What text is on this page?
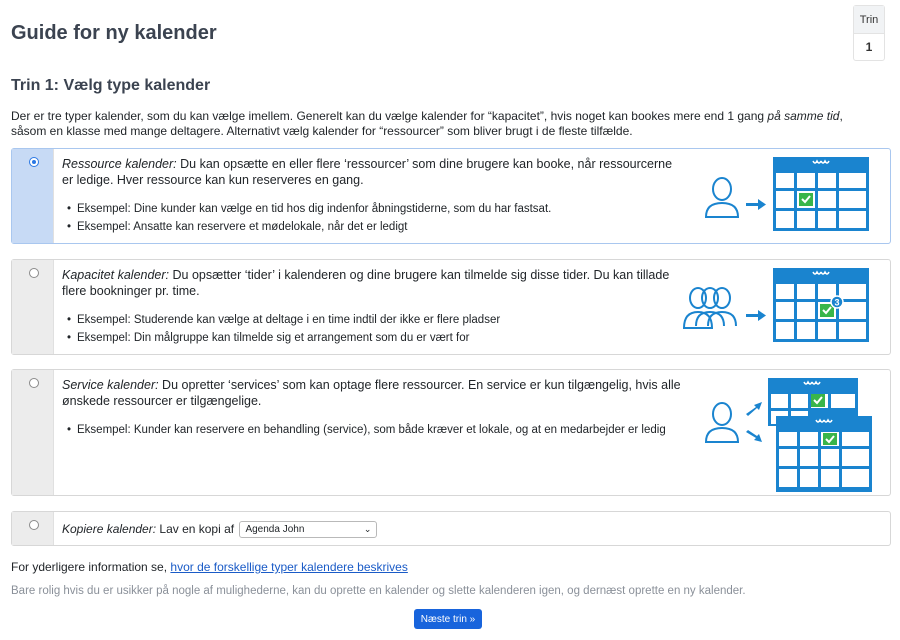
Guide for ny kalender
Trin
1
Trin 1: Vælg type kalender

Der er tre typer kalender, som du kan vælge imellem. Generelt kan du vælge kalender for “kapacitet”, hvis noget kan bookes mere end 1 gang på samme tid, såsom en klasse med mange deltagere. Alternativt vælg kalender for “ressourcer” som bliver brugt i de fleste tilfælde.

Ressource kalender: Du kan opsætte en eller flere ‘ressourcer’ som dine brugere kan booke, når ressourcerne er ledige. Hver ressource kan kun reserveres en gang.
• Eksempel: Dine kunder kan vælge en tid hos dig indenfor åbningstiderne, som du har fastsat.
• Eksempel: Ansatte kan reservere et mødelokale, når det er ledigt
Kapacitet kalender: Du opsætter ‘tider’ i kalenderen og dine brugere kan tilmelde sig disse tider. Du kan tillade flere bookninger pr. time.
• Eksempel: Studerende kan vælge at deltage i en time indtil der ikke er flere pladser
• Eksempel: Din målgruppe kan tilmelde sig et arrangement som du er vært for
3
Service kalender: Du opretter ‘services’ som kan optage flere ressourcer. En service er kun tilgængelig, hvis alle ønskede ressourcer er tilgængelige.
• Eksempel: Kunder kan reservere en behandling (service), som både kræver et lokale, og at en medarbejder er ledig
Kopiere kalender: Lav en kopi af Agenda John	⌄

For yderligere information se, hvor de forskellige typer kalendere beskrives

Bare rolig hvis du er usikker på nogle af mulighederne, kan du oprette en kalender og slette kalenderen igen, og dernæst oprette en ny kalender.

Næste trin »
